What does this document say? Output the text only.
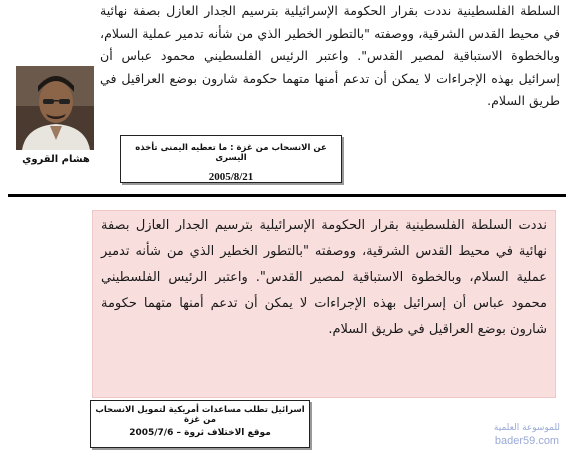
السلطة الفلسطينية نددت بقرار الحكومة الإسرائيلية بترسيم الجدار العازل بصفة نهائية في محيط القدس الشرقية، ووصفته "بالتطور الخطير الذي من شأنه تدمير عملية السلام، وبالخطوة الاستباقية لمصير القدس". واعتبر الرئيس الفلسطيني محمود عباس أن إسرائيل بهذه الإجراءات لا يمكن أن تدعم أمنها متهما حكومة شارون بوضع العراقيل في طريق السلام.

هشام القروي
عن الانسحاب من غزة : ما تعطيه اليمنى تأخذه اليسرى
2005/8/21

نددت السلطة الفلسطينية بقرار الحكومة الإسرائيلية بترسيم الجدار العازل بصفة نهائية في محيط القدس الشرقية، ووصفته "بالتطور الخطير الذي من شأنه تدمير عملية السلام، وبالخطوة الاستباقية لمصير القدس". واعتبر الرئيس الفلسطيني محمود عباس أن إسرائيل بهذه الإجراءات لا يمكن أن تدعم أمنها متهما حكومة شارون بوضع العراقيل في طريق السلام.

اسرائيل تطلب مساعدات أمريكية لتمويل الانسحاب من غزة
موقع الاختلاف ثروة – 2005/7/6	للموسوعة العلمية
bader59.com
